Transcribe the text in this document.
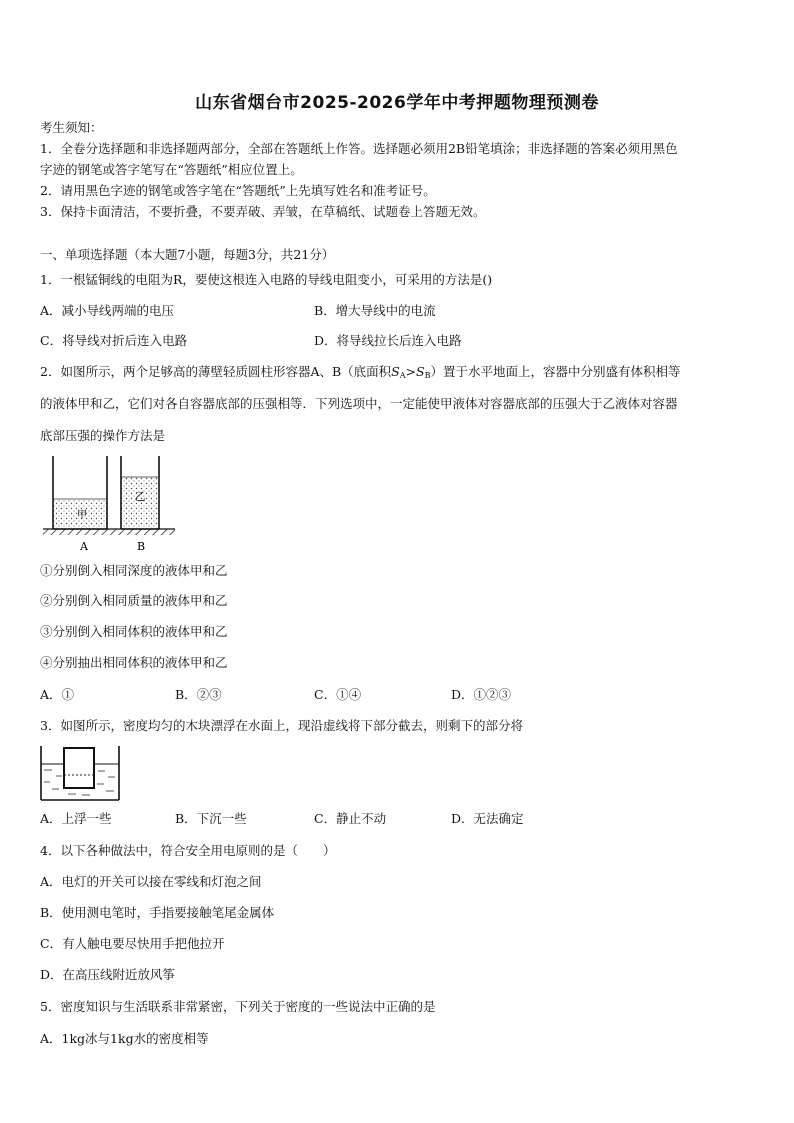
山东省烟台市2025-2026学年中考押题物理预测卷
考生须知：
1．全卷分选择题和非选择题两部分，全部在答题纸上作答。选择题必须用2B铅笔填涂；非选择题的答案必须用黑色
字迹的钢笔或答字笔写在“答题纸”相应位置上。
2．请用黑色字迹的钢笔或答字笔在“答题纸”上先填写姓名和准考证号。
3．保持卡面清洁，不要折叠，不要弄破、弄皱，在草稿纸、试题卷上答题无效。
一、单项选择题（本大题7小题，每题3分，共21分）
1．一根锰铜线的电阻为R，要使这根连入电路的导线电阻变小，可采用的方法是()
A．减小导线两端的电压	B．增大导线中的电流
C．将导线对折后连入电路	D．将导线拉长后连入电路
2．如图所示，两个足够高的薄壁轻质圆柱形容器A、B（底面积$S_A>S_B$）置于水平地面上，容器中分别盛有体积相等
的液体甲和乙，它们对各自容器底部的压强相等．下列选项中，一定能使甲液体对容器底部的压强大于乙液体对容器
底部压强的操作方法是
甲
乙
A	B
①分别倒入相同深度的液体甲和乙
②分别倒入相同质量的液体甲和乙
③分别倒入相同体积的液体甲和乙
④分别抽出相同体积的液体甲和乙
A．①	B．②③	C．①④	D．①②③
3．如图所示，密度均匀的木块漂浮在水面上，现沿虚线将下部分截去，则剩下的部分将
A．上浮一些	B．下沉一些	C．静止不动	D．无法确定
4．以下各种做法中，符合安全用电原则的是（　　）
A．电灯的开关可以接在零线和灯泡之间
B．使用测电笔时，手指要接触笔尾金属体
C．有人触电要尽快用手把他拉开
D．在高压线附近放风筝
5．密度知识与生活联系非常紧密，下列关于密度的一些说法中正确的是
A．1kg冰与1kg水的密度相等
